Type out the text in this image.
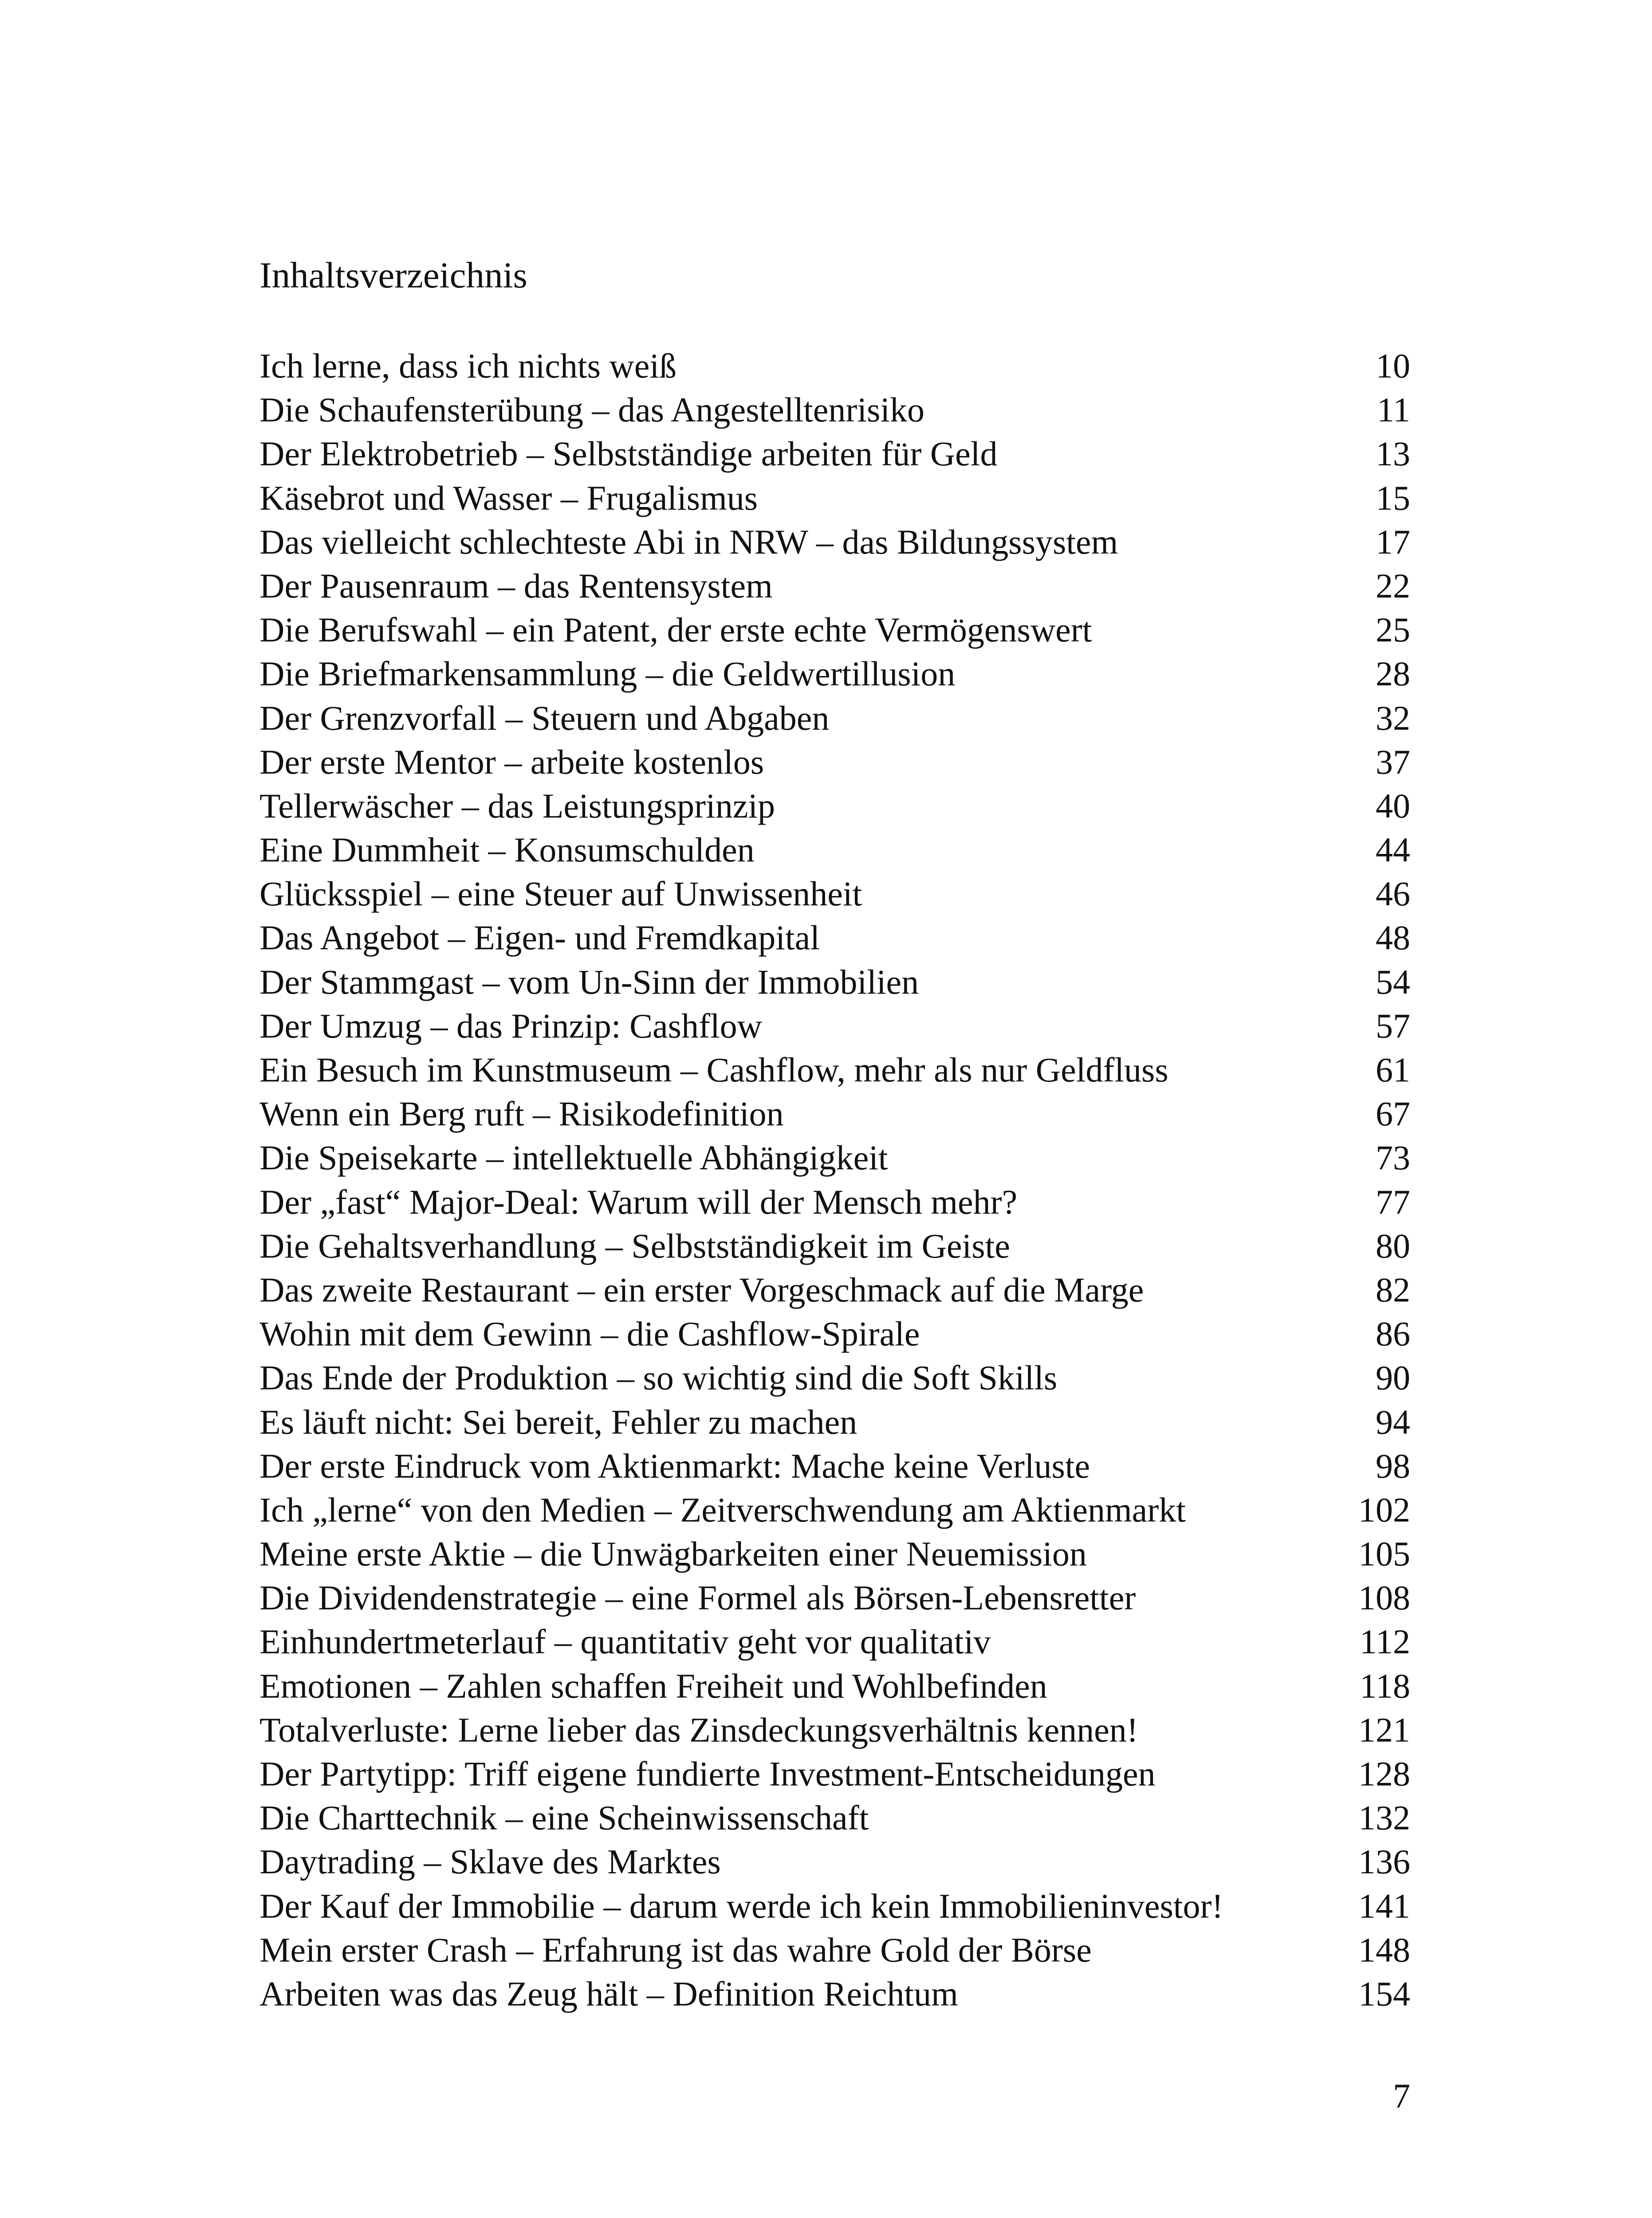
Inhaltsverzeichnis
Ich lerne, dass ich nichts weiß	10
Die Schaufensterübung – das Angestelltenrisiko	11
Der Elektrobetrieb – Selbstständige arbeiten für Geld	13
Käsebrot und Wasser – Frugalismus	15
Das vielleicht schlechteste Abi in NRW – das Bildungssystem	17
Der Pausenraum – das Rentensystem	22
Die Berufswahl – ein Patent, der erste echte Vermögenswert	25
Die Briefmarkensammlung – die Geldwertillusion	28
Der Grenzvorfall – Steuern und Abgaben	32
Der erste Mentor – arbeite kostenlos	37
Tellerwäscher – das Leistungsprinzip	40
Eine Dummheit – Konsumschulden	44
Glücksspiel – eine Steuer auf Unwissenheit	46
Das Angebot – Eigen- und Fremdkapital	48
Der Stammgast – vom Un-Sinn der Immobilien	54
Der Umzug – das Prinzip: Cashflow	57
Ein Besuch im Kunstmuseum – Cashflow, mehr als nur Geldfluss	61
Wenn ein Berg ruft – Risikodefinition	67
Die Speisekarte – intellektuelle Abhängigkeit	73
Der „fast“ Major-Deal: Warum will der Mensch mehr?	77
Die Gehaltsverhandlung – Selbstständigkeit im Geiste	80
Das zweite Restaurant – ein erster Vorgeschmack auf die Marge	82
Wohin mit dem Gewinn – die Cashflow-Spirale	86
Das Ende der Produktion – so wichtig sind die Soft Skills	90
Es läuft nicht: Sei bereit, Fehler zu machen	94
Der erste Eindruck vom Aktienmarkt: Mache keine Verluste	98
Ich „lerne“ von den Medien – Zeitverschwendung am Aktienmarkt	102
Meine erste Aktie – die Unwägbarkeiten einer Neuemission	105
Die Dividendenstrategie – eine Formel als Börsen-Lebensretter	108
Einhundertmeterlauf – quantitativ geht vor qualitativ	112
Emotionen – Zahlen schaffen Freiheit und Wohlbefinden	118
Totalverluste: Lerne lieber das Zinsdeckungsverhältnis kennen!	121
Der Partytipp: Triff eigene fundierte Investment-Entscheidungen	128
Die Charttechnik – eine Scheinwissenschaft	132
Daytrading – Sklave des Marktes	136
Der Kauf der Immobilie – darum werde ich kein Immobilieninvestor!	141
Mein erster Crash – Erfahrung ist das wahre Gold der Börse	148
Arbeiten was das Zeug hält – Definition Reichtum	154
7
